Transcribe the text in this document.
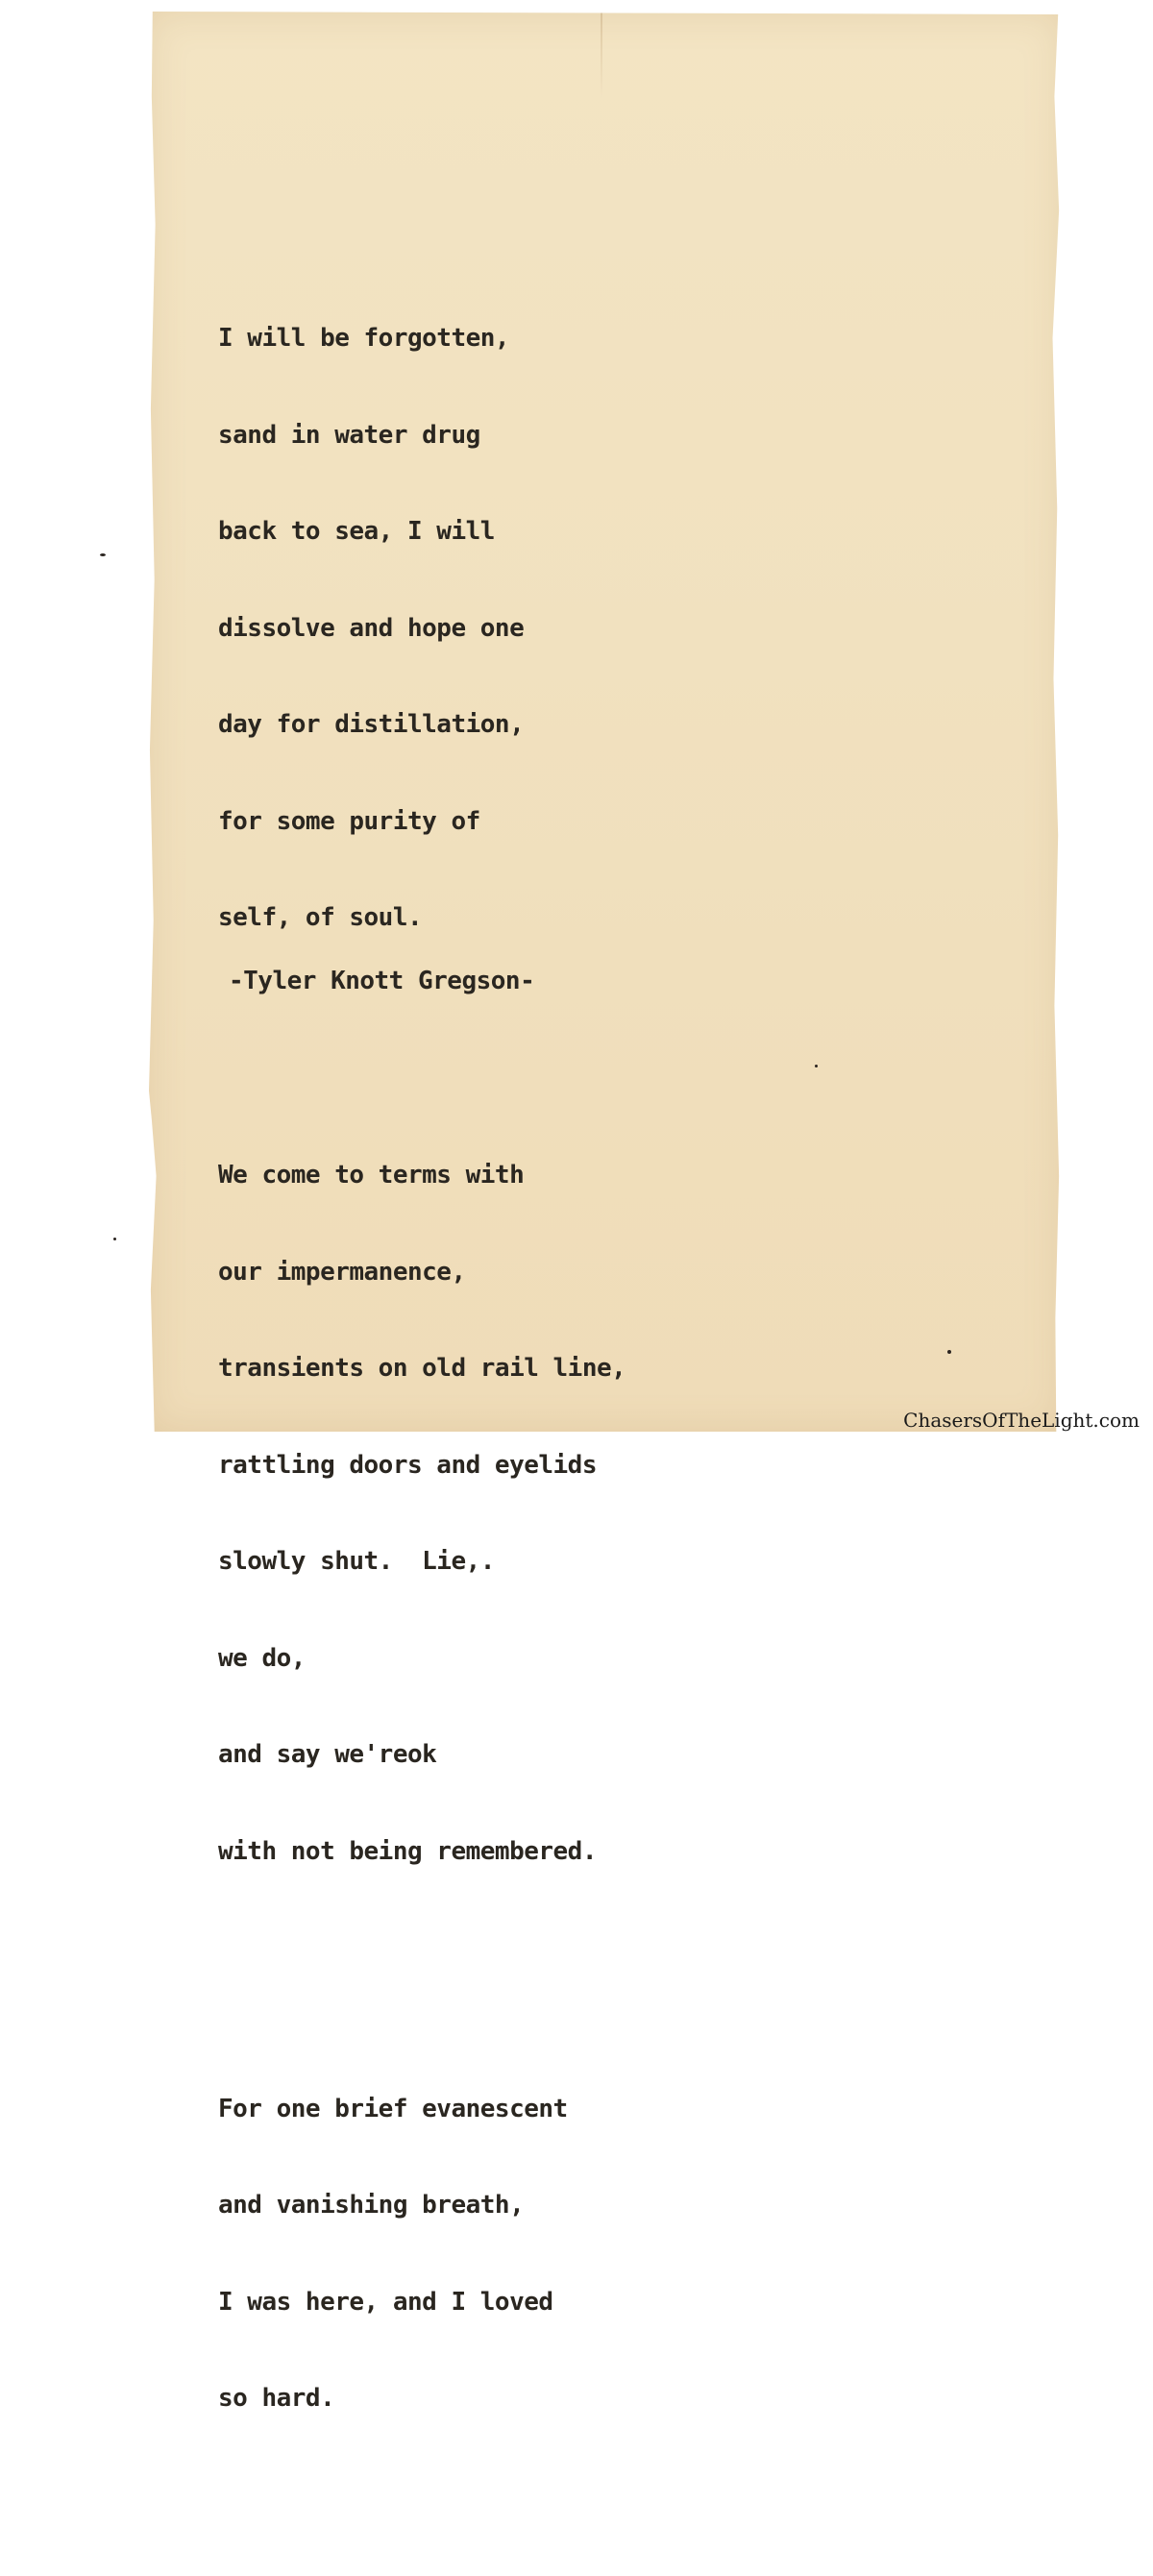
I will be forgotten,

sand in water drug

back to sea, I will

dissolve and hope one

day for distillation,

for some purity of

self, of soul.

We come to terms with

our impermanence,

transients on old rail line,

rattling doors and eyelids

slowly shut.  Lie,.

we do,

and say we'reok

with not being remembered.

For one brief evanescent

and vanishing breath,

I was here, and I loved

so hard.

-Tyler Knott Gregson-
ChasersOfTheLight.com
